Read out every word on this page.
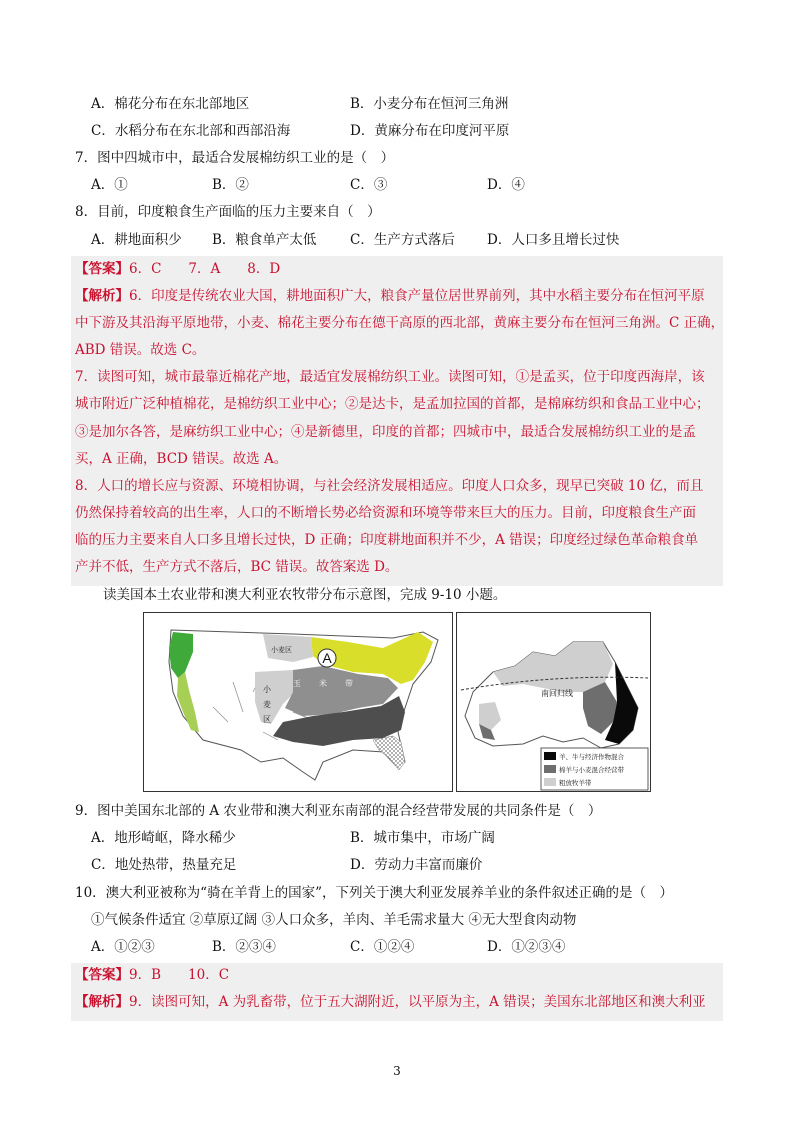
A．棉花分布在东北部地区	B．小麦分布在恒河三角洲
C．水稻分布在东北部和西部沿海	D．黄麻分布在印度河平原
7．图中四城市中，最适合发展棉纺织工业的是（　）
A．①	B．②	C．③	D．④
8．目前，印度粮食生产面临的压力主要来自（　）
A．耕地面积少 B．粮食单产太低 C．生产方式落后 D．人口多且增长过快
【答案】6．C　　7．A　　8．D
【解析】6．印度是传统农业大国，耕地面积广大，粮食产量位居世界前列，其中水稻主要分布在恒河平原
中下游及其沿海平原地带，小麦、棉花主要分布在德干高原的西北部，黄麻主要分布在恒河三角洲。C 正确，
ABD 错误。故选 C。
7．读图可知，城市最靠近棉花产地，最适宜发展棉纺织工业。读图可知，①是孟买，位于印度西海岸，该
城市附近广泛种植棉花，是棉纺织工业中心；②是达卡，是孟加拉国的首都，是棉麻纺织和食品工业中心；
③是加尔各答，是麻纺织工业中心；④是新德里，印度的首都；四城市中，最适合发展棉纺织工业的是孟
买，A 正确，BCD 错误。故选 A。
8．人口的增长应与资源、环境相协调，与社会经济发展相适应。印度人口众多，现早已突破 10 亿，而且
仍然保持着较高的出生率，人口的不断增长势必给资源和环境等带来巨大的压力。目前，印度粮食生产面
临的压力主要来自人口多且增长过快，D 正确；印度耕地面积并不少，A 错误；印度经过绿色革命粮食单
产并不低，生产方式不落后，BC 错误。故答案选 D。
读美国本土农业带和澳大利亚农牧带分布示意图，完成 9-10 小题。
A
小麦区
小
麦
区
玉 米 带
南回归线
羊、牛与经济作物混合
棉羊与小麦混合经营带
粗放牧羊带
9．图中美国东北部的 A 农业带和澳大利亚东南部的混合经营带发展的共同条件是（　）
A．地形崎岖，降水稀少	B．城市集中，市场广阔
C．地处热带，热量充足	D．劳动力丰富而廉价
10．澳大利亚被称为“骑在羊背上的国家”，下列关于澳大利亚发展养羊业的条件叙述正确的是（　）
①气候条件适宜 ②草原辽阔 ③人口众多，羊肉、羊毛需求量大 ④无大型食肉动物
A．①②③	B．②③④	C．①②④	D．①②③④
【答案】9．B　　10．C
【解析】9．读图可知，A 为乳畜带，位于五大湖附近，以平原为主，A 错误；美国东北部地区和澳大利亚
3
